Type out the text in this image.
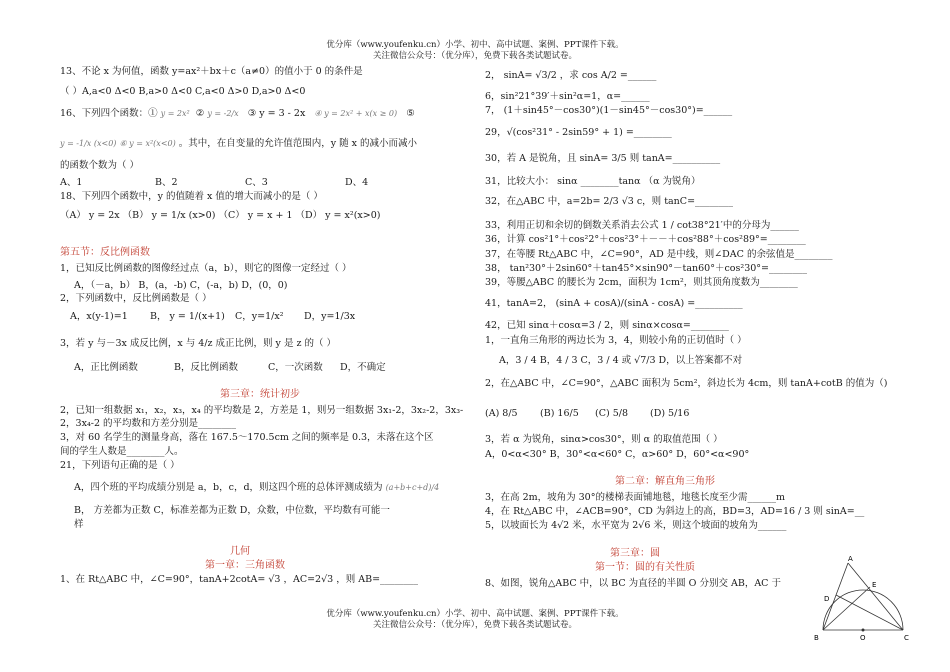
优分库（www.youfenku.cn）小学、初中、高中试题、案例、PPT课件下载。
关注微信公众号：（优分库），免费下载各类试题试卷。
13、不论 x 为何值，函数 y=ax²＋bx＋c（a≠0）的值小于 0 的条件是
（ ）A,a<0 Δ<0 B,a>0 Δ<0 C,a<0 Δ>0 D,a>0 Δ<0
16、下列四个函数：① y = 2x²  ② y = -2/x ③ y = 3 - 2x ④ y = 2x² + x(x ≥ 0) ⑤
y = -1/x (x<0) ⑥ y = x²(x<0) 。其中，在自变量的允许值范围内，y 随 x 的减小而减小
的函数个数为（ ）
A、1	B、2	C、3	D、4
18、下列四个函数中，y 的值随着 x 值的增大而减小的是（ ）
（A） y = 2x （B） y = 1/x (x>0) （C） y = x + 1 （D） y = x²(x>0)
第五节：反比例函数
1，已知反比例函数的图像经过点（a，b），则它的图像一定经过（ ）
A，（－a，b） B，(a，-b) C，(-a，b) D，(0，0)
2，下列函数中，反比例函数是（ ）
A，x(y-1)=1 B， y = 1/(x+1) C，y=1/x² D，y=1/3x
3，若 y 与－3x 成反比例，x 与 4/z 成正比例，则 y 是 z 的（ ）
A，正比例函数	B，反比例函数	C，一次函数 D，不确定
第三章：统计初步
2，已知一组数据 x₁，x₂，x₃，x₄ 的平均数是 2，方差是 1，则另一组数据 3x₁-2，3x₂-2，3x₃-
2，3x₄-2 的平均数和方差分别是________
3，对 60 名学生的测量身高，落在 167.5～170.5cm 之间的频率是 0.3，未落在这个区
间的学生人数是________人。
21，下列语句正确的是（ ）
A，四个班的平均成绩分别是 a，b，c，d，则这四个班的总体评测成绩为 (a+b+c+d)/4
B， 方差都为正数 C，标准差都为正数 D，众数，中位数，平均数有可能一
样
几何
第一章：三角函数
1、在 Rt△ABC 中，∠C=90°，tanA+2cotA= √3 ，AC=2√3 ，则 AB=________
2， sinA= √3/2 ，求 cos A/2 =______
6，sin²21°39′＋sin²α=1，α=______
7， (1＋sin45°－cos30°)(1－sin45°－cos30°)=______
29，√(cos²31° - 2sin59° + 1) =________
30，若 A 是锐角，且 sinA= 3/5 则 tanA=__________
31，比较大小： sinα ________tanα （α 为锐角）
32，在△ABC 中，a=2b= 2/3 √3 c，则 tanC=________
33，利用正切和余切的倒数关系消去公式 1 / cot38°21′中的分母为______
36，计算 cos²1°＋cos²2°＋cos²3°＋－－＋cos²88°＋cos²89°=________
37，在等腰 Rt△ABC 中，∠C=90°，AD 是中线，则∠DAC 的余弦值是________
38， tan²30°＋2sin60°＋tan45°×sin90°－tan60°＋cos²30°=________
39，等腰△ABC 的腰长为 2cm，面积为 1cm²，则其顶角度数为________
41，tanA=2， (sinA + cosA)/(sinA - cosA) =__________
42，已知 sinα＋cosα=3 / 2，则 sinα×cosα=________
1，一直角三角形的两边长为 3，4，则较小角的正切值时（ ）
A，3 / 4 B，4 / 3 C，3 / 4 或 √7/3 D，以上答案都不对
2，在△ABC 中，∠C=90°，△ABC 面积为 5cm²，斜边长为 4cm，则 tanA+cotB 的值为（)
(A) 8/5 (B) 16/5 (C) 5/8 (D) 5/16
3，若 α 为锐角，sinα>cos30°，则 α 的取值范围（ ）
A，0<α<30° B，30°<α<60° C，α>60° D，60°<α<90°
第二章：解直角三角形
3，在高 2m，坡角为 30°的楼梯表面铺地毯，地毯长度至少需______m
4，在 Rt△ABC 中，∠ACB=90°，CD 为斜边上的高，BD=3，AD=16 / 3 则 sinA=__
5，以坡面长为 4√2 米，水平宽为 2√6 米，则这个坡面的坡角为______
第三章：圆
第一节：圆的有关性质
8、如图，锐角△ABC 中，以 BC 为直径的半圆 O 分别交 AB，AC 于
A
E
D
B	O	C
优分库（www.youfenku.cn）小学、初中、高中试题、案例、PPT课件下载。
关注微信公众号：（优分库），免费下载各类试题试卷。
